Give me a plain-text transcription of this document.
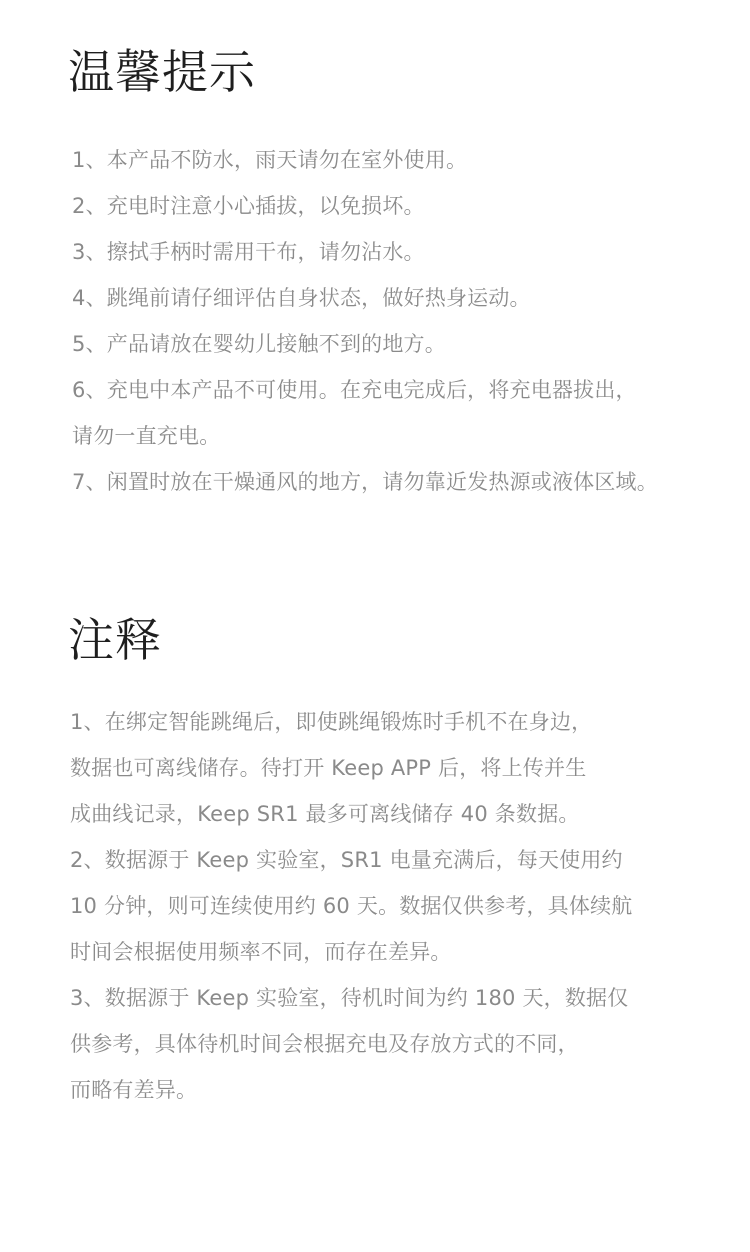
温馨提示

1、本产品不防水，雨天请勿在室外使用。

2、充电时注意小心插拔，以免损坏。

3、擦拭手柄时需用干布，请勿沾水。

4、跳绳前请仔细评估自身状态，做好热身运动。

5、产品请放在婴幼儿接触不到的地方。

6、充电中本产品不可使用。在充电完成后，将充电器拔出，

请勿一直充电。

7、闲置时放在干燥通风的地方，请勿靠近发热源或液体区域。

注释

1、在绑定智能跳绳后，即使跳绳锻炼时手机不在身边，

数据也可离线储存。待打开 Keep APP 后，将上传并生

成曲线记录，Keep SR1 最多可离线储存 40 条数据。

2、数据源于 Keep 实验室，SR1 电量充满后，每天使用约

10 分钟，则可连续使用约 60 天。数据仅供参考，具体续航

时间会根据使用频率不同，而存在差异。

3、数据源于 Keep 实验室，待机时间为约 180 天，数据仅

供参考，具体待机时间会根据充电及存放方式的不同，

而略有差异。
